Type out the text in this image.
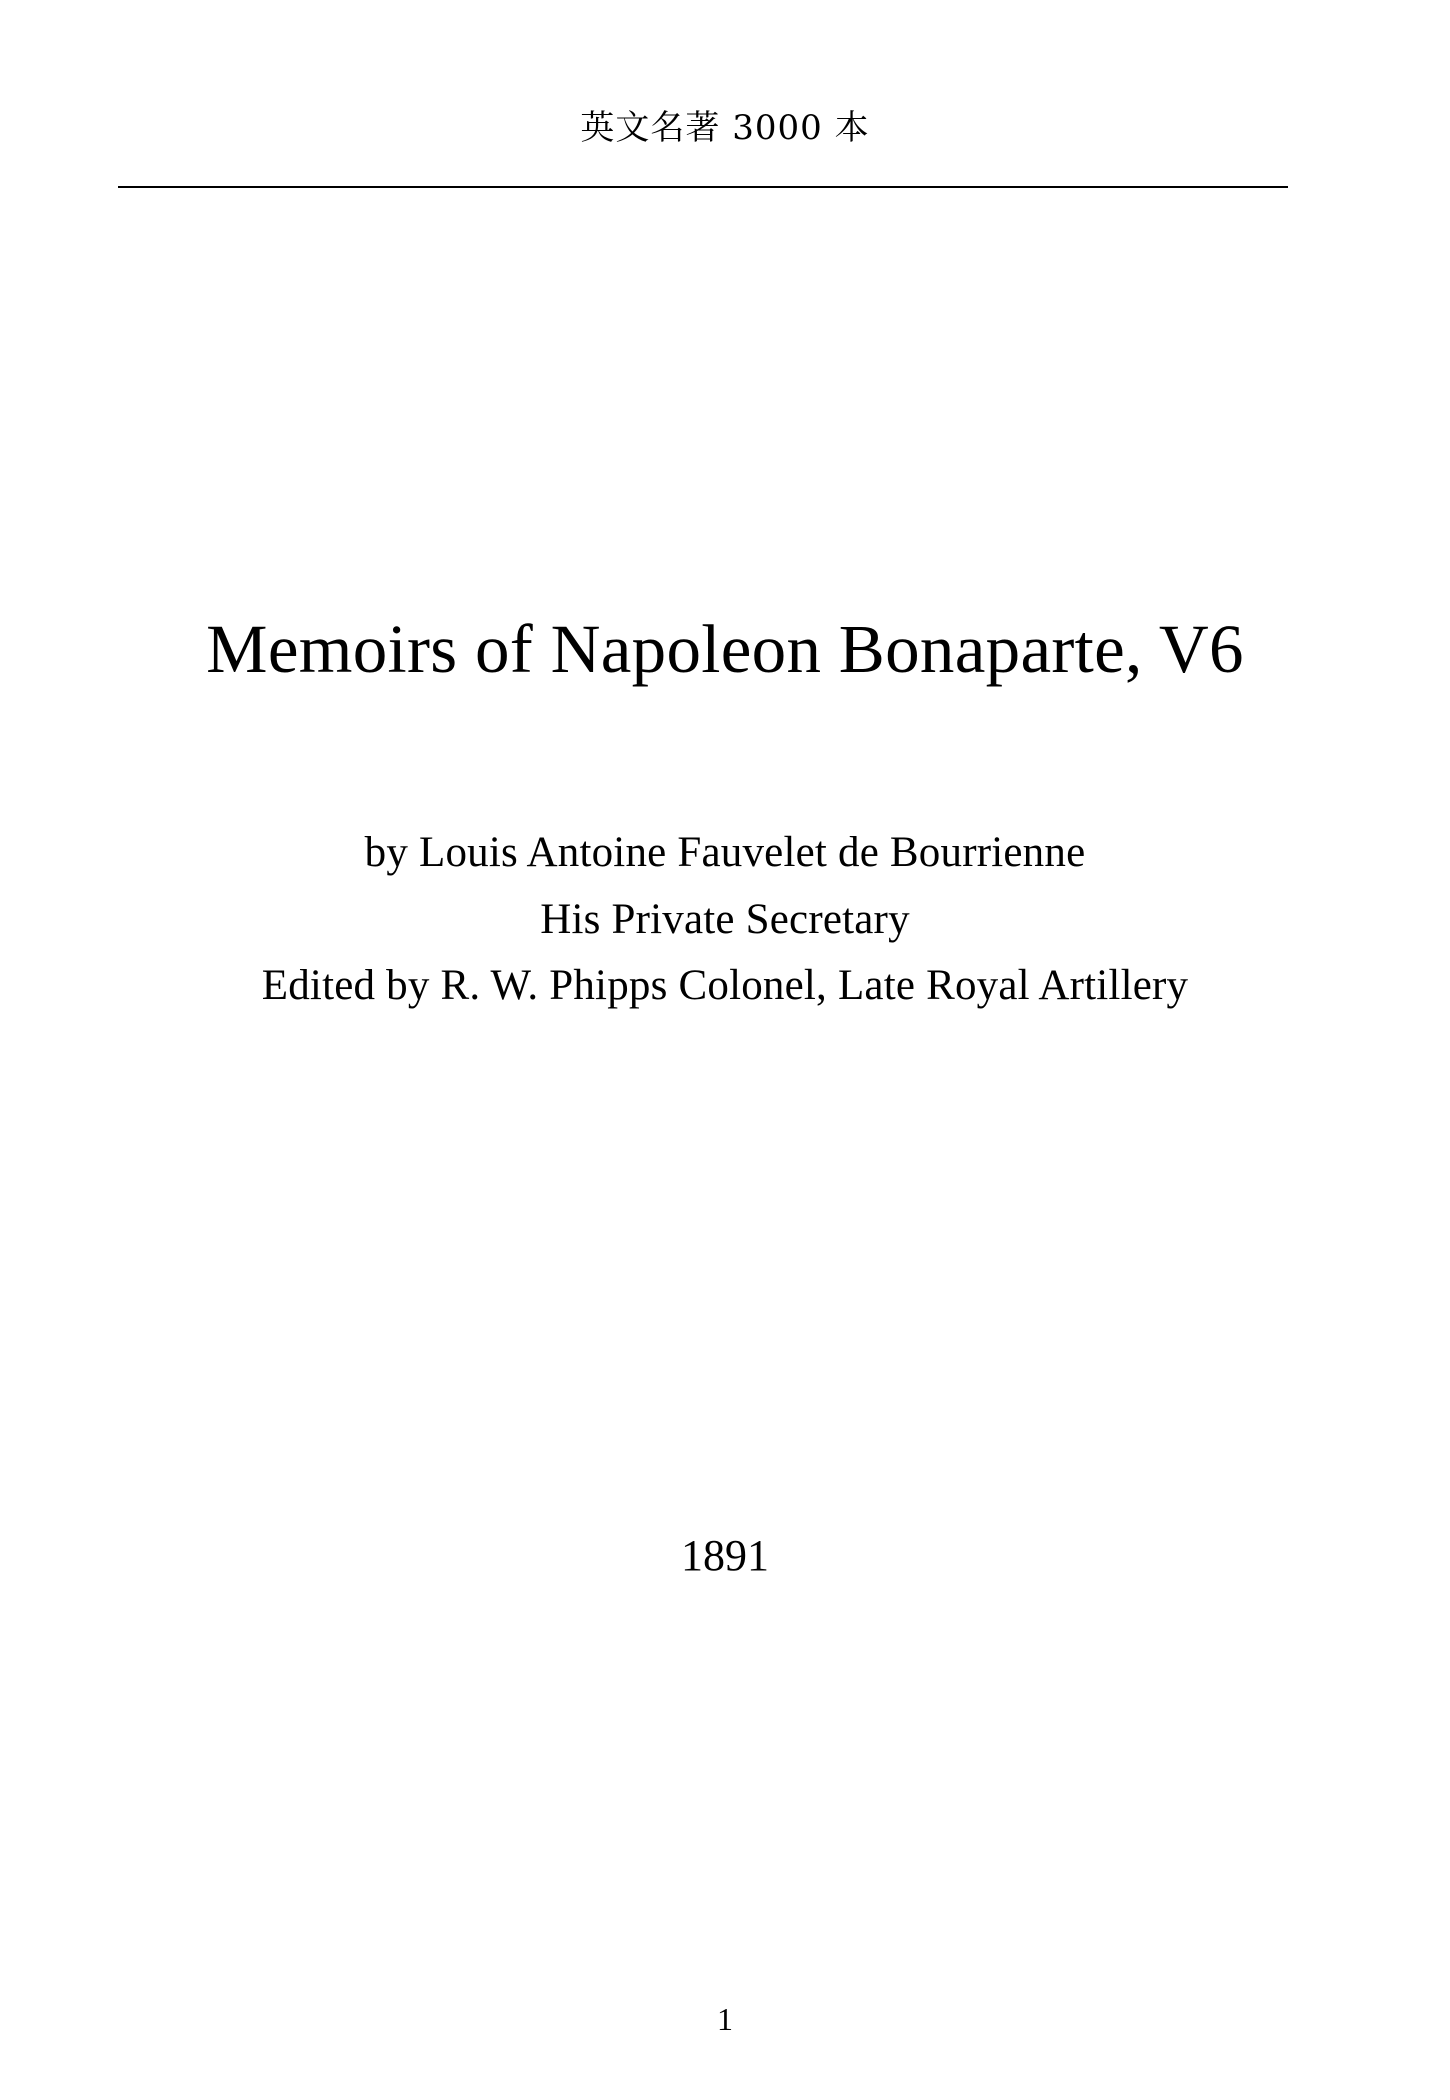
英文名著 3000 本
Memoirs of Napoleon Bonaparte, V6

by Louis Antoine Fauvelet de Bourrienne

His Private Secretary

Edited by R. W. Phipps Colonel, Late Royal Artillery

1891

1
